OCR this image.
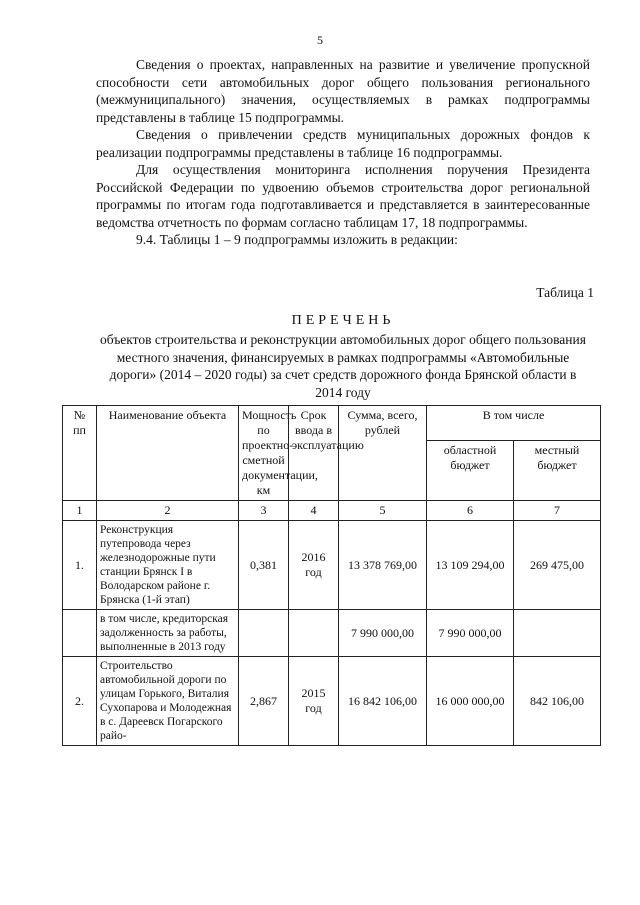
5

Сведения о проектах, направленных на развитие и увеличение пропускной способности сети автомобильных дорог общего пользования регионального (межмуниципального) значения, осуществляемых в рамках подпрограммы представлены в таблице 15 подпрограммы.

Сведения о привлечении средств муниципальных дорожных фондов к реализации подпрограммы представлены в таблице 16 подпрограммы.

Для осуществления мониторинга исполнения поручения Президента Российской Федерации по удвоению объемов строительства дорог региональной программы по итогам года подготавливается и представляется в заинтересованные ведомства отчетность по формам согласно таблицам 17, 18 подпрограммы.

9.4. Таблицы 1 – 9 подпрограммы изложить в редакции:

Таблица 1
ПЕРЕЧЕНЬ
объектов строительства и реконструкции автомобильных дорог общего пользования местного значения, финансируемых в рамках подпрограммы «Автомобильные дороги» (2014 – 2020 годы) за счет средств дорожного фонда Брянской области в 2014 году
№ пп	Наименование объекта	Мощность по проектно-сметной документации, км	Срок ввода в эксплуатацию	Сумма, всего, рублей	В том числе	
					областной бюджет	местный бюджет
1	2	3	4	5	6	7
1.	Реконструкция путепровода через железнодорожные пути станции Брянск I в Володарском районе г. Брянска (1-й этап)	0,381	2016 год	13 378 769,00	13 109 294,00	269 475,00
	в том числе, кредиторская задолженность за работы, выполненные в 2013 году			7 990 000,00	7 990 000,00	
2.	Строительство автомобильной дороги по улицам Горького, Виталия Сухопарова и Молодежная в с. Дареевск Погарского райо-	2,867	2015 год	16 842 106,00	16 000 000,00	842 106,00
